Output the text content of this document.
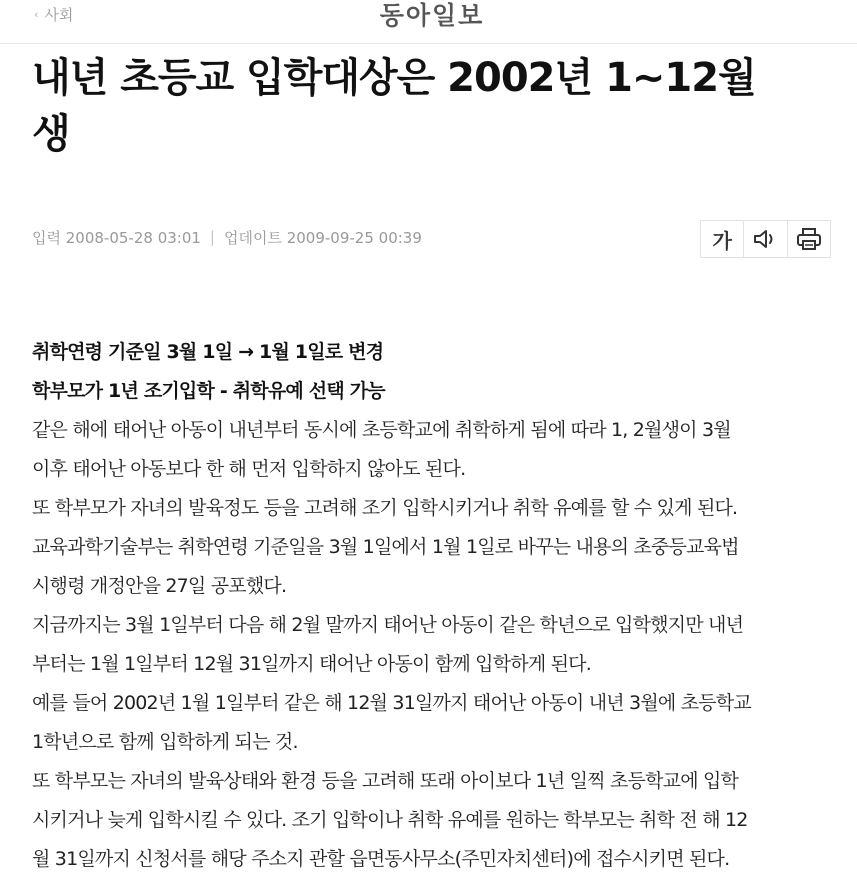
‹ 사회	동아일보
내년 초등교 입학대상은 2002년 1~12월
생
입력 2008-05-28 03:01 | 업데이트 2009-09-25 00:39	가
취학연령 기준일 3월 1일 → 1월 1일로 변경
학부모가 1년 조기입학 - 취학유예 선택 가능
같은 해에 태어난 아동이 내년부터 동시에 초등학교에 취학하게 됨에 따라 1, 2월생이 3월
이후 태어난 아동보다 한 해 먼저 입학하지 않아도 된다.
또 학부모가 자녀의 발육정도 등을 고려해 조기 입학시키거나 취학 유예를 할 수 있게 된다.
교육과학기술부는 취학연령 기준일을 3월 1일에서 1월 1일로 바꾸는 내용의 초중등교육법
시행령 개정안을 27일 공포했다.
지금까지는 3월 1일부터 다음 해 2월 말까지 태어난 아동이 같은 학년으로 입학했지만 내년
부터는 1월 1일부터 12월 31일까지 태어난 아동이 함께 입학하게 된다.
예를 들어 2002년 1월 1일부터 같은 해 12월 31일까지 태어난 아동이 내년 3월에 초등학교
1학년으로 함께 입학하게 되는 것.
또 학부모는 자녀의 발육상태와 환경 등을 고려해 또래 아이보다 1년 일찍 초등학교에 입학
시키거나 늦게 입학시킬 수 있다. 조기 입학이나 취학 유예를 원하는 학부모는 취학 전 해 12
월 31일까지 신청서를 해당 주소지 관할 읍면동사무소(주민자치센터)에 접수시키면 된다.
